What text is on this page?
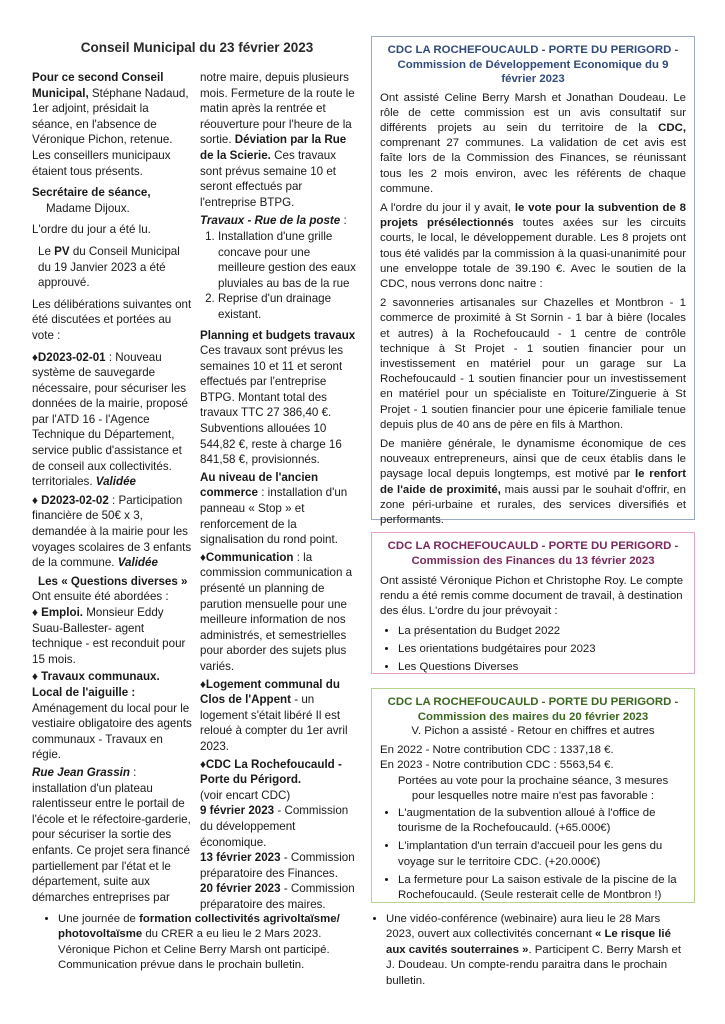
Conseil Municipal du 23 février 2023

Pour ce second Conseil Municipal, Stéphane Nadaud, 1er adjoint, présidait la séance, en l'absence de Véronique Pichon, retenue. Les conseillers municipaux étaient tous présents.

Secrétaire de séance,

Madame Dijoux.

L'ordre du jour a été lu.

Le PV du Conseil Municipal du 19 Janvier 2023 a été approuvé.

Les délibérations suivantes ont été discutées et portées au vote :

♦D2023-02-01 : Nouveau système de sauvegarde nécessaire, pour sécuriser les données de la mairie, proposé par l'ATD 16 - l'Agence Technique du Département, service public d'assistance et de conseil aux collectivités. territoriales. Validée

♦ D2023-02-02 : Participation financière de 50€ x 3, demandée à la mairie pour les voyages scolaires de 3 enfants de la commune. Validée

Les « Questions diverses »
Ont ensuite été abordées :

♦ Emploi. Monsieur Eddy Suau-Ballester- agent technique - est reconduit pour 15 mois.

♦ Travaux communaux.
Local de l'aiguille :

Aménagement du local pour le vestiaire obligatoire des agents communaux - Travaux en régie.

Rue Jean Grassin : installation d'un plateau ralentisseur entre le portail de l'école et le réfectoire-garderie, pour sécuriser la sortie des enfants. Ce projet sera financé partiellement par l'état et le département, suite aux démarches entreprises par

notre maire, depuis plusieurs mois. Fermeture de la route le matin après la rentrée et réouverture pour l'heure de la sortie. Déviation par la Rue de la Scierie. Ces travaux sont prévus semaine 10 et seront effectués par l'entreprise BTPG.

Travaux - Rue de la poste :
1. Installation d'une grille concave pour une meilleure gestion des eaux pluviales au bas de la rue
2. Reprise d'un drainage existant.
Planning et budgets travaux

Ces travaux sont prévus les semaines 10 et 11 et seront effectués par l'entreprise BTPG. Montant total des travaux TTC 27 386,40 €. Subventions allouées 10 544,82 €, reste à charge 16 841,58 €, provisionnés.

Au niveau de l'ancien commerce : installation d'un panneau « Stop » et renforcement de la signalisation du rond point.

♦Communication : la commission communication a présenté un planning de parution mensuelle pour une meilleure information de nos administrés, et semestrielles pour aborder des sujets plus variés.

♦Logement communal du Clos de l'Appent - un logement s'était libéré Il est reloué à compter du 1er avril 2023.

♦CDC La Rochefoucauld - Porte du Périgord.
(voir encart CDC)
9 février 2023 - Commission du développement économique.
13 février 2023 - Commission préparatoire des Finances.
20 février 2023 - Commission préparatoire des maires.
CDC LA ROCHEFOUCAULD - PORTE DU PERIGORD -
Commission de Développement Economique du 9 février 2023

Ont assisté Celine Berry Marsh et Jonathan Doudeau. Le rôle de cette commission est un avis consultatif sur différents projets au sein du territoire de la CDC, comprenant 27 communes. La validation de cet avis est faîte lors de la Commission des Finances, se réunissant tous les 2 mois environ, avec les référents de chaque commune.

A l'ordre du jour il y avait, le vote pour la subvention de 8 projets présélectionnés toutes axées sur les circuits courts, le local, le développement durable. Les 8 projets ont tous été validés par la commission à la quasi-unanimité pour une enveloppe totale de 39.190 €. Avec le soutien de la CDC, nous verrons donc naitre :

2 savonneries artisanales sur Chazelles et Montbron - 1 commerce de proximité à St Sornin - 1 bar à bière (locales et autres) à la Rochefoucauld - 1 centre de contrôle technique à St Projet - 1 soutien financier pour un investissement en matériel pour un garage sur La Rochefoucauld - 1 soutien financier pour un investissement en matériel pour un spécialiste en Toiture/Zinguerie à St Projet - 1 soutien financier pour une épicerie familiale tenue depuis plus de 40 ans de père en fils à Marthon.

De manière générale, le dynamisme économique de ces nouveaux entrepreneurs, ainsi que de ceux établis dans le paysage local depuis longtemps, est motivé par le renfort de l'aide de proximité, mais aussi par le souhait d'offrir, en zone péri-urbaine et rurales, des services diversifiés et performants.

CDC LA ROCHEFOUCAULD - PORTE DU PERIGORD -
Commission des Finances du 13 février 2023

Ont assisté Véronique Pichon et Christophe Roy. Le compte rendu a été remis comme document de travail, à destination des élus. L'ordre du jour prévoyait :

• La présentation du Budget 2022
• Les orientations budgétaires pour 2023
• Les Questions Diverses
CDC LA ROCHEFOUCAULD - PORTE DU PERIGORD -
Commission des maires du 20 février 2023
V. Pichon a assisté - Retour en chiffres et autres
En 2022 - Notre contribution CDC : 1337,18 €.
En 2023 - Notre contribution CDC : 5563,54 €.
Portées au vote pour la prochaine séance, 3 mesures pour lesquelles notre maire n'est pas favorable :
• L'augmentation de la subvention alloué à l'office de tourisme de la Rochefoucauld. (+65.000€)
• L'implantation d'un terrain d'accueil pour les gens du voyage sur le territoire CDC. (+20.000€)
• La fermeture pour La saison estivale de la piscine de la Rochefoucauld. (Seule resterait celle de Montbron !)
• Une journée de formation collectivités agrivoltaïsme/ photovoltaïsme du CRER a eu lieu le 2 Mars 2023. Véronique Pichon et Celine Berry Marsh ont participé. Communication prévue dans le prochain bulletin.
• Une vidéo-conférence (webinaire) aura lieu le 28 Mars 2023, ouvert aux collectivités concernant « Le risque lié aux cavités souterraines ». Participent C. Berry Marsh et J. Doudeau. Un compte-rendu paraitra dans le prochain bulletin.
